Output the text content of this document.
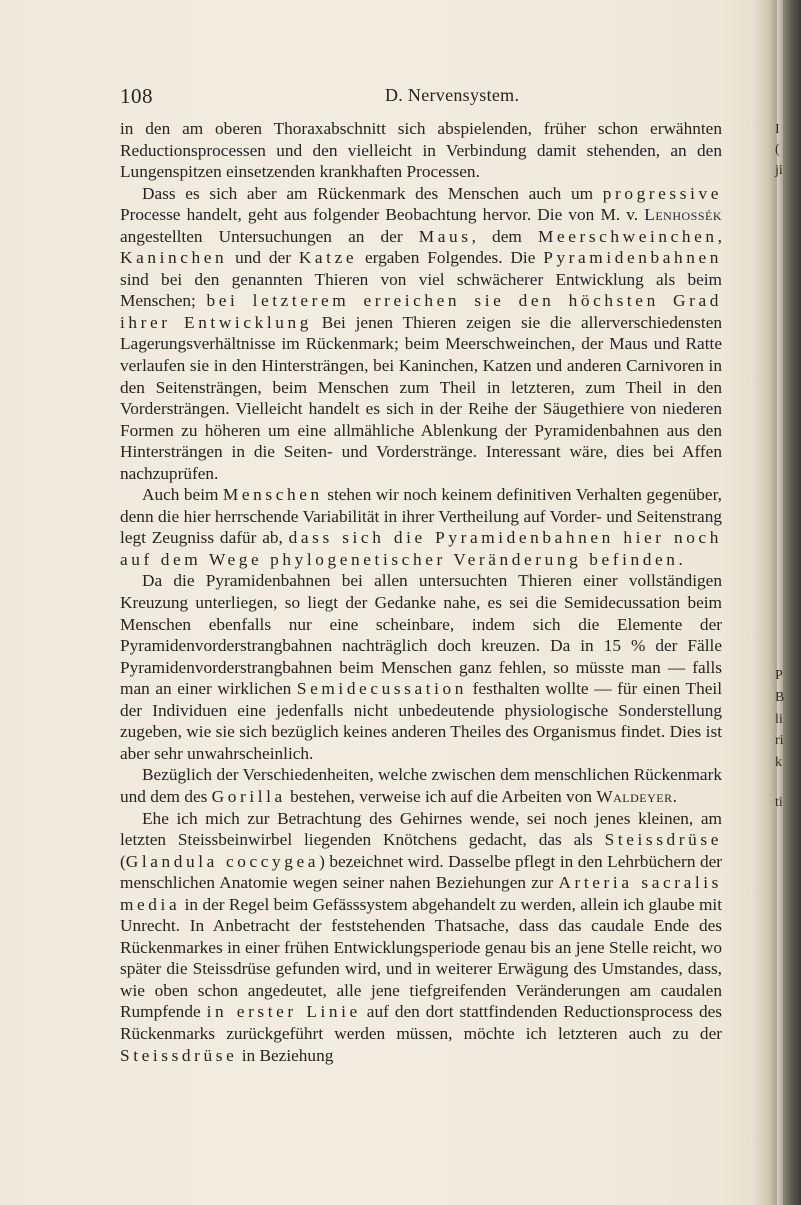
I
(
ji
P
B
li
ri
k
ti
108	D. Nervensystem.

in den am oberen Thoraxabschnitt sich abspielenden, früher schon erwähnten Reductionsprocessen und den vielleicht in Verbindung damit stehenden, an den Lungenspitzen einsetzenden krankhaften Processen.

Dass es sich aber am Rückenmark des Menschen auch um progressive Processe handelt, geht aus folgender Beobachtung hervor. Die von M. v. Lenhossék angestellten Untersuchungen an der Maus, dem Meerschweinchen, Kaninchen und der Katze ergaben Folgendes. Die Pyramidenbahnen sind bei den genannten Thieren von viel schwächerer Entwicklung als beim Menschen; bei letzterem erreichen sie den höchsten Grad ihrer Entwicklung Bei jenen Thieren zeigen sie die allerverschiedensten Lagerungsverhältnisse im Rückenmark; beim Meerschweinchen, der Maus und Ratte verlaufen sie in den Hintersträngen, bei Kaninchen, Katzen und anderen Carnivoren in den Seitensträngen, beim Menschen zum Theil in letzteren, zum Theil in den Vordersträngen. Vielleicht handelt es sich in der Reihe der Säugethiere von niederen Formen zu höheren um eine allmähliche Ablenkung der Pyramidenbahnen aus den Hintersträngen in die Seiten- und Vorderstränge. Interessant wäre, dies bei Affen nachzuprüfen.

Auch beim Menschen stehen wir noch keinem definitiven Verhalten gegenüber, denn die hier herrschende Variabilität in ihrer Vertheilung auf Vorder- und Seitenstrang legt Zeugniss dafür ab, dass sich die Pyramidenbahnen hier noch auf dem Wege phylogenetischer Veränderung befinden.

Da die Pyramidenbahnen bei allen untersuchten Thieren einer vollständigen Kreuzung unterliegen, so liegt der Gedanke nahe, es sei die Semidecussation beim Menschen ebenfalls nur eine scheinbare, indem sich die Elemente der Pyramidenvorderstrangbahnen nachträglich doch kreuzen. Da in 15 % der Fälle Pyramidenvorderstrangbahnen beim Menschen ganz fehlen, so müsste man — falls man an einer wirklichen Semidecussation festhalten wollte — für einen Theil der Individuen eine jedenfalls nicht unbedeutende physiologische Sonderstellung zugeben, wie sie sich bezüglich keines anderen Theiles des Organismus findet. Dies ist aber sehr unwahrscheinlich.

Bezüglich der Verschiedenheiten, welche zwischen dem menschlichen Rückenmark und dem des Gorilla bestehen, verweise ich auf die Arbeiten von Waldeyer.

Ehe ich mich zur Betrachtung des Gehirnes wende, sei noch jenes kleinen, am letzten Steissbeinwirbel liegenden Knötchens gedacht, das als Steissdrüse (Glandula coccygea) bezeichnet wird. Dasselbe pflegt in den Lehrbüchern der menschlichen Anatomie wegen seiner nahen Beziehungen zur Arteria sacralis media in der Regel beim Gefässsystem abgehandelt zu werden, allein ich glaube mit Unrecht. In Anbetracht der feststehenden Thatsache, dass das caudale Ende des Rückenmarkes in einer frühen Entwicklungsperiode genau bis an jene Stelle reicht, wo später die Steissdrüse gefunden wird, und in weiterer Erwägung des Umstandes, dass, wie oben schon angedeutet, alle jene tiefgreifenden Veränderungen am caudalen Rumpfende in erster Linie auf den dort stattfindenden Reductionsprocess des Rückenmarks zurückgeführt werden müssen, möchte ich letzteren auch zu der Steissdrüse in Beziehung
